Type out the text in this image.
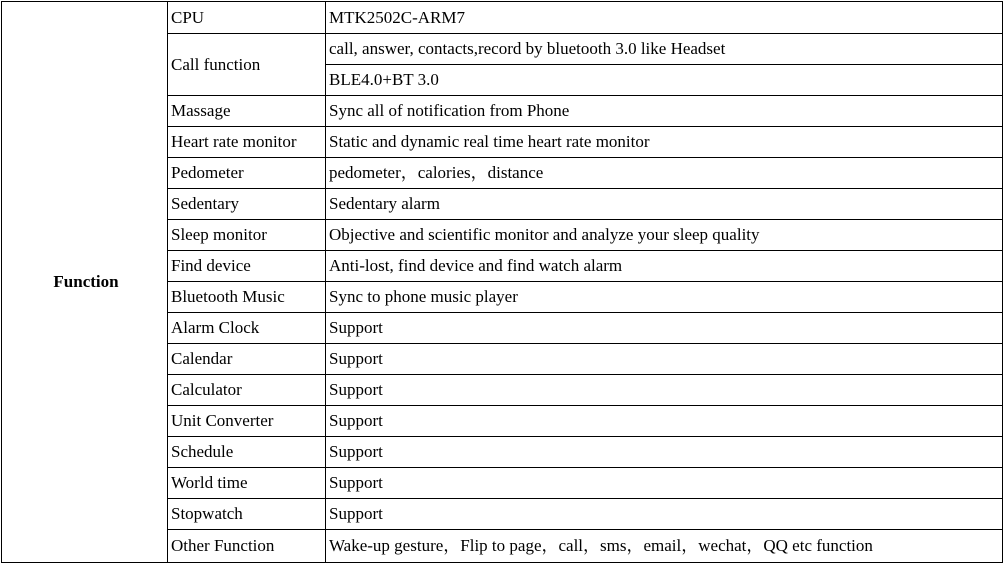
Function	CPU	MTK2502C-ARM7
	Call function	call, answer, contacts,record by bluetooth 3.0 like Headset
		BLE4.0+BT 3.0
	Massage	Sync all of notification from Phone
	Heart rate monitor	Static and dynamic real time heart rate monitor
	Pedometer	pedometer，calories，distance
	Sedentary	Sedentary alarm
	Sleep monitor	Objective and scientific monitor and analyze your sleep quality
	Find device	Anti-lost, find device and find watch alarm
	Bluetooth Music	Sync to phone music player
	Alarm Clock	Support
	Calendar	Support
	Calculator	Support
	Unit Converter	Support
	Schedule	Support
	World time	Support
	Stopwatch	Support
	Other Function	Wake-up gesture，Flip to page，call，sms，email，wechat，QQ etc function
